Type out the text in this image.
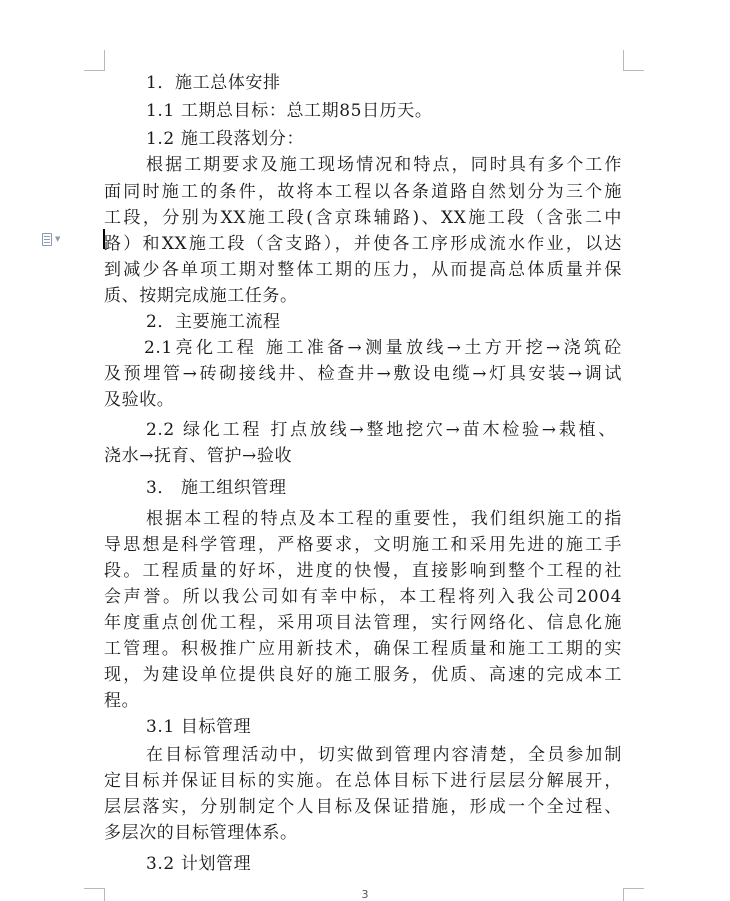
▼
1．施工总体安排
1.1 工期总目标：总工期85日历天。
1.2 施工段落划分：
根据工期要求及施工现场情况和特点，同时具有多个工作
面同时施工的条件，故将本工程以各条道路自然划分为三个施
工段，分别为XX施工段(含京珠辅路)、XX施工段（含张二中
路）和XX施工段（含支路），并使各工序形成流水作业，以达
到减少各单项工期对整体工期的压力，从而提高总体质量并保
质、按期完成施工任务。
2．主要施工流程
2.1亮化工程 施工准备→测量放线→土方开挖→浇筑砼
及预埋管→砖砌接线井、检查井→敷设电缆→灯具安装→调试
及验收。
2.2 绿化工程 打点放线→整地挖穴→苗木检验→栽植、
浇水→抚育、管护→验收
3． 施工组织管理
根据本工程的特点及本工程的重要性，我们组织施工的指
导思想是科学管理，严格要求，文明施工和采用先进的施工手
段。工程质量的好坏，进度的快慢，直接影响到整个工程的社
会声誉。所以我公司如有幸中标，本工程将列入我公司2004
年度重点创优工程，采用项目法管理，实行网络化、信息化施
工管理。积极推广应用新技术，确保工程质量和施工工期的实
现，为建设单位提供良好的施工服务，优质、高速的完成本工
程。
3.1 目标管理
在目标管理活动中，切实做到管理内容清楚，全员参加制
定目标并保证目标的实施。在总体目标下进行层层分解展开，
层层落实，分别制定个人目标及保证措施，形成一个全过程、
多层次的目标管理体系。
3.2 计划管理
3
